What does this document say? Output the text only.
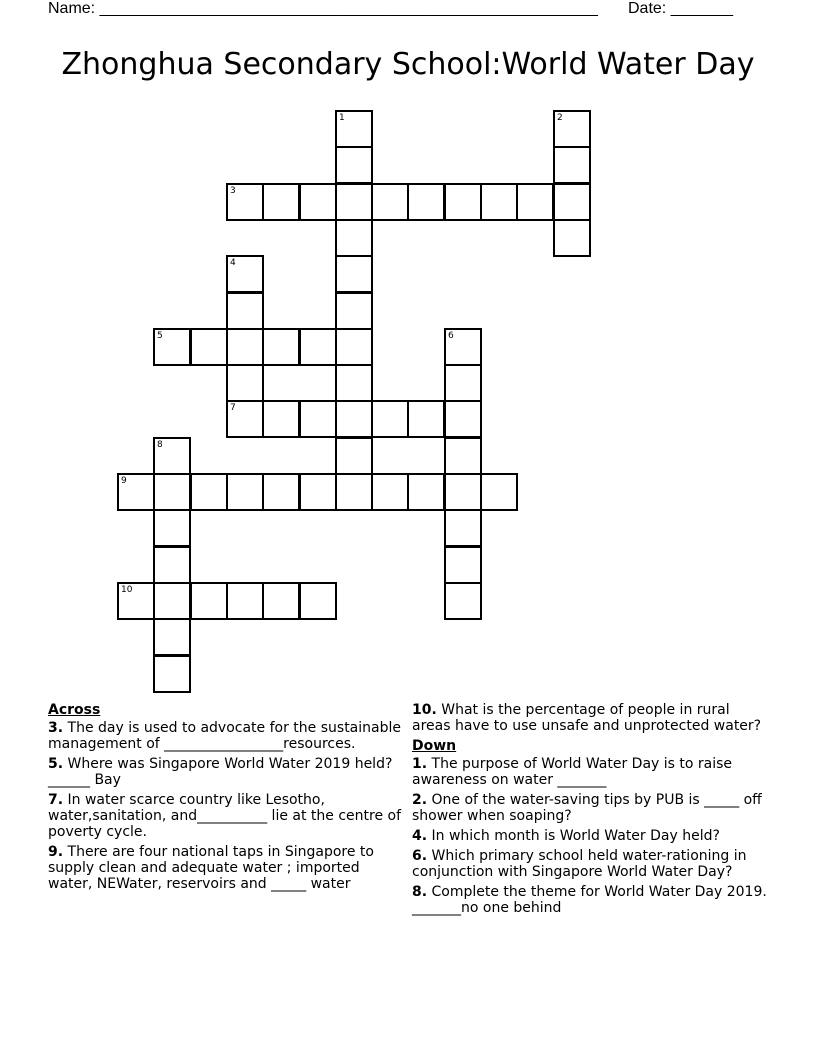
Name: ________________________________________________________ Date: _______
Zhonghua Secondary School:World Water Day
1	2
3
4
5	6
7
8
9
10
Across
3. The day is used to advocate for the sustainable management of _________________resources.
5. Where was Singapore World Water 2019 held? ______ Bay
7. In water scarce country like Lesotho, water,sanitation, and__________ lie at the centre of poverty cycle.
9. There are four national taps in Singapore to supply clean and adequate water ; imported water, NEWater, reservoirs and _____ water
10. What is the percentage of people in rural areas have to use unsafe and unprotected water?
Down
1. The purpose of World Water Day is to raise awareness on water _______
2. One of the water-saving tips by PUB is _____ off shower when soaping?
4. In which month is World Water Day held?
6. Which primary school held water-rationing in conjunction with Singapore World Water Day?
8. Complete the theme for World Water Day 2019. _______no one behind
